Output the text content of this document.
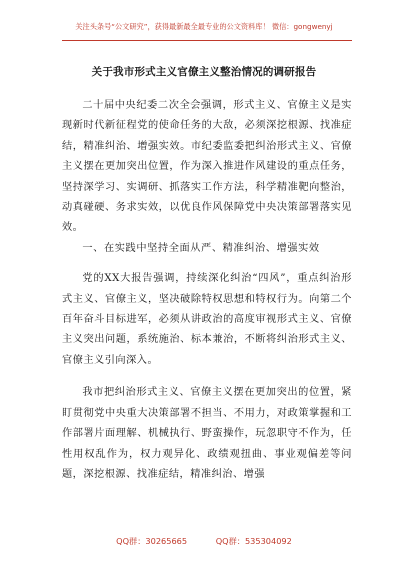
关注头条号“公文研究”，获得最新最全最专业的公文资料库！ 微信：gongwenyj
关于我市形式主义官僚主义整治情况的调研报告

二十届中央纪委二次全会强调，形式主义、官僚主义是实现新时代新征程党的使命任务的大敌，必须深挖根源、找准症结，精准纠治、增强实效。市纪委监委把纠治形式主义、官僚主义摆在更加突出位置，作为深入推进作风建设的重点任务，坚持深学习、实调研、抓落实工作方法，科学精准靶向整治，动真碰硬、务求实效，以优良作风保障党中央决策部署落实见效。

一、在实践中坚持全面从严、精准纠治、增强实效

党的XX大报告强调，持续深化纠治“四风”，重点纠治形式主义、官僚主义，坚决破除特权思想和特权行为。向第二个百年奋斗目标进军，必须从讲政治的高度审视形式主义、官僚主义突出问题，系统施治、标本兼治，不断将纠治形式主义、官僚主义引向深入。

我市把纠治形式主义、官僚主义摆在更加突出的位置，紧盯贯彻党中央重大决策部署不担当、不用力，对政策掌握和工作部署片面理解、机械执行、野蛮操作，玩忽职守不作为，任性用权乱作为，权力观异化、政绩观扭曲、事业观偏差等问题，深挖根源、找准症结，精准纠治、增强

QQ群：30265665	QQ群：535304092
